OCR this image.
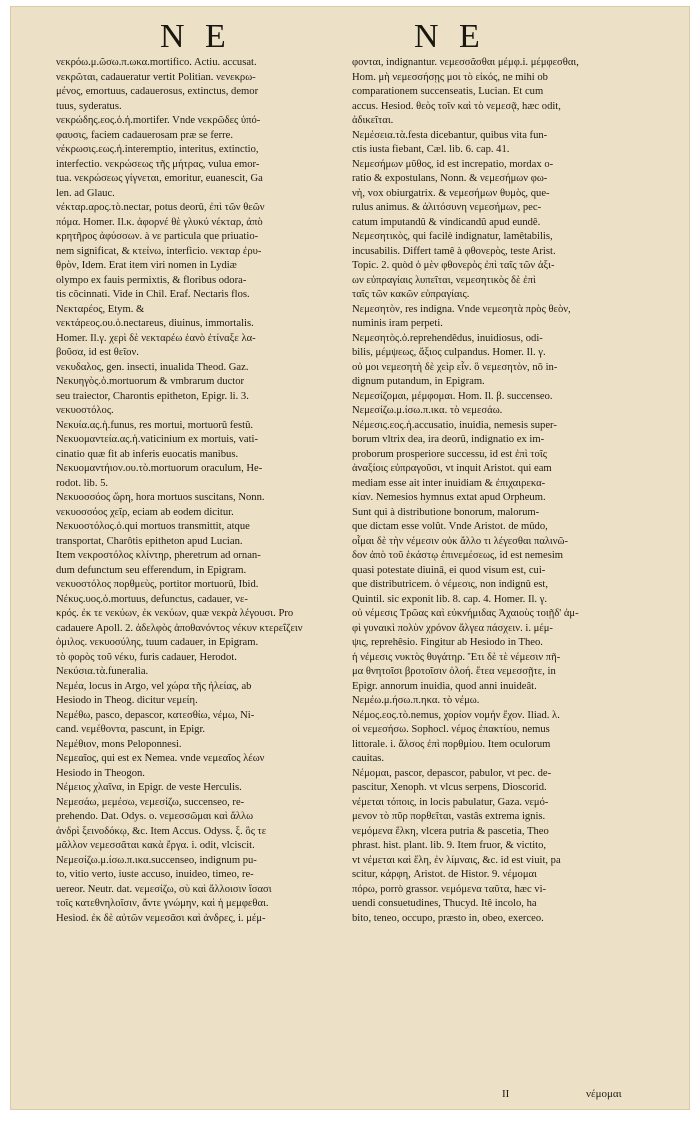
N E	N E

νεκρόω.μ.ῶσω.π.ωκα.mortifico. Actiu. accusat.

νεκρῶται, cadaueratur vertit Politian. νενεκρω-

μένος, emortuus, cadauerosus, extinctus, demor

tuus, syderatus.

νεκρώδης.εος.ὁ.ἡ.mortifer. Vnde νεκρῶδες ὑπό-

φαυσις, faciem cadauerosam præ se ferre.

νέκρωσις.εως.ἡ.interemptio, interitus, extinctio,

interfectio. νεκρώσεως τῆς μήτρας, vulua emor-

tua. νεκρώσεως γίγνεται, emoritur, euanescit, Ga

len. ad Glauc.

νέκταρ.αρος.τὸ.nectar, potus deorû, ἐπὶ τῶν θεῶν

πόμα. Homer. Il.κ. ἀφορνέ θὲ γλυκύ νέκταρ, ἀπὸ

κρητῆρος ἀφύσσων. à νε particula que priuatio-

nem significat, & κτείνω, interficio. νεκταρ ἐρυ-

θρὸν, Idem. Erat item viri nomen in Lydiæ

olympo ex fauis permixtis, & floribus odora-

tis cõcinnati. Vide in Chil. Eraf. Nectaris flos.

Νεκταρέος, Etym. &

νεκτάρεος.ου.ὁ.nectareus, diuinus, immortalis.

Homer. Il.γ. χερὶ δὲ νεκταρέω ἑανὸ ἐτίναξε λα-

βοῦσα, id est θεῖον.

νεκυδαλος, gen. insecti, inualida Theod. Gaz.

Νεκυηγὸς.ὁ.mortuorum & vmbrarum ductor

seu traiector, Charontis epitheton, Epigr. li. 3.

νεκυοστόλος.

Νεκυία.ας.ἡ.funus, res mortui, mortuorû festû.

Νεκυομαντεία.ας.ἡ.vaticinium ex mortuis, vati-

cinatio quæ fit ab inferis euocatis manibus.

Νεκυομαντήιον.ου.τὸ.mortuorum oraculum, He-

rodot. lib. 5.

Νεκυοσσόος ὥρη, hora mortuos suscitans, Nonn.

νεκυοσσόος χεῖρ, eciam ab eodem dicitur.

Νεκυοστόλος.ὁ.qui mortuos transmittit, atque

transportat, Charôtis epitheton apud Lucian.

Item νεκροστόλος κλίντηρ, pheretrum ad ornan-

dum defunctum seu efferendum, in Epigram.

νεκυοστόλος πορθμεὺς, portitor mortuorû, Ibid.

Νέκυς.υος.ὁ.mortuus, defunctus, cadauer, νε-

κρός. ἐκ τε νεκύων, ἐκ νεκύων, quæ νεκρὰ λέγουσι. Pro

cadauere Apoll. 2. ἀδελφὸς ἀποθανόντος νέκυν κτερεΐζειν

ὁμιλος. νεκυοσύλης, tuum cadauer, in Epigram.

τὸ φορὸς τοῦ νέκυ, furis cadauer, Herodot.

Νεκύσια.τὰ.funeralia.

Νεμέα, locus in Argo, vel χώρα τῆς ἠλείας, ab

Hesiodo in Theog. dicitur νεμείη.

Νεμέθω, pasco, depascor, κατεσθίω, νέμω, Ni-

cand. νεμέθοντα, pascunt, in Epigr.

Νεμέθιον, mons Peloponnesi.

Νεμεαῖος, qui est ex Nemea. vnde νεμεαῖος λέων

Hesiodo in Theogon.

Νέμειος χλαῖνα, in Epigr. de veste Herculis.

Νεμεσάω, μεμέσω, νεμεσίζω, succenseo, re-

prehendo. Dat. Odys. ο. νεμεσσῶμαι καὶ ἄλλω

ἀνδρὶ ξεινοδόκῳ, &c. Item Accus. Odyss. ξ. ὃς τε

μᾶλλον νεμεσσᾶται κακὰ ἔργα. i. odit, vlciscit.

Νεμεσίζω.μ.ίσω.π.ικα.succenseo, indignum pu-

to, vitio verto, iuste accuso, inuideo, timeo, re-

uereor. Neutr. dat. νεμεσίζω, σὺ καὶ ἄλλοισιν ἴσασι

τοῖς κατεθνηλοῖσιν, ἄντε γνώμην, καὶ ἡ μεμφεθαι.

Hesiod. ἐκ δὲ αὐτῶν νεμεσᾶσι καὶ ἀνδρες, i. μέμ-

φονται, indignantur. νεμεσσᾶσθαι μέμφ.i. μέμφεσθαι,

Hom. μὴ νεμεσσήσῃς μοι τὸ εἰκός, ne mihi ob

comparationem succenseatis, Lucian. Et cum

accus. Hesiod. θεὸς τοῖν καὶ τὸ νεμεσᾷ, hæc odit,

ἀδικεῖται.

Νεμέσεια.τὰ.festa dicebantur, quibus vita fun-

ctis iusta fiebant, Cæl. lib. 6. cap. 41.

Νεμεσήμων μῦθος, id est increpatio, mordax o-

ratio & expostulans, Nonn. & νεμεσήμων φω-

νὴ, vox obiurgatrix. & νεμεσήμων θυμὸς, que-

rulus animus. & ἀλιτόσυνη νεμεσήμων, pec-

catum imputandû & vindicandû apud eundê.

Νεμεσητικὸς, qui facilè indignatur, lamêtabilis,

incusabilis. Differt tamê à φθονερὸς, teste Arist.

Topic. 2. quòd ὁ μὲν φθονερὸς ἐπὶ ταῖς τῶν ἀξι-

ων εὐπραγίαις λυπεῖται, νεμεσητικὸς δὲ ἐπὶ

ταῖς τῶν κακῶν εὐπραγίαις.

Νεμεσητὸν, res indigna. Vnde νεμεσητὰ πρὸς θεὸν,

numinis iram perpeti.

Νεμεσητὸς.ὁ.reprehendêdus, inuidiosus, odi-

bilis, μέμψεως, ἄξιος culpandus. Homer. Il. γ.

οὐ μοι νεμεσητὴ δὲ χεὶρ εἶν. ὃ νεμεσητὸν, nõ in-

dignum putandum, in Epigram.

Νεμεσίζομαι, μέμφομαι. Hom. Il. β. succenseo.

Νεμεσίζω.μ.ίσω.π.ικα. τὸ νεμεσάω.

Νέμεσις.εος.ἡ.accusatio, inuidia, nemesis super-

borum vltrix dea, ira deorû, indignatio ex im-

proborum prosperiore successu, id est ἐπὶ τοῖς

ἀναξίοις εὐπραγοῦσι, vt inquit Aristot. qui eam

mediam esse ait inter inuidiam & ἐπιχαιρεκα-

κίαν. Nemesios hymnus extat apud Orpheum.

Sunt qui à distributione bonorum, malorum-

que dictam esse volût. Vnde Aristot. de mûdo,

οἶμαι δὲ τὴν νέμεσιν οὐκ ἄλλο τι λέγεσθαι παλινῶ-

δον ἀπὸ τοῦ ἑκάστῳ ἐπινεμέσεως, id est nemesim

quasi potestate diuinâ, ei quod visum est, cui-

que distributricem. ὁ νέμεσις, non indignû est,

Quintil. sic exponit lib. 8. cap. 4. Homer. Il. γ.

οὐ νέμεσις Τρῶας καὶ εὐκνήμιδας Ἀχαιοὺς τοιῇδ' ἀμ-

φὶ γυναικὶ πολὺν χρόνον ἄλγεα πάσχειν. i. μέμ-

ψις, reprehêsio. Fingitur ab Hesiodo in Theo.

ἡ νέμεσις νυκτὸς θυγάτηρ. Ἔτι δὲ τὲ νέμεσιν πῆ-

μα θνητοῖσι βροτοῖσιν ὀλοή. ἔτεα νεμεσσῇτε, in

Epigr. annorum inuidia, quod anni inuideât.

Νεμέω.μ.ήσω.π.ηκα. τὸ νέμω.

Νέμος.εος.τὸ.nemus, χορίον νομήν ἔχον. Iliad. λ.

οἱ νεμεσήσω. Sophocl. νέμος ἐπακτίου, nemus

littorale. i. ἄλσος ἐπὶ πορθμίου. Item oculorum

cauitas.

Νέμομαι, pascor, depascor, pabulor, vt pec. de-

pascitur, Xenoph. vt vlcus serpens, Dioscorid.

νέμεται τόποις, in locis pabulatur, Gaza. νεμό-

μενον τὸ πῦρ πορθεῖται, vastâs extrema ignis.

νεμόμενα ἕλκη, vlcera putria & pascetia, Theo

phrast. hist. plant. lib. 9. Item fruor, & victito,

vt νέμεται καὶ ἕλη, ἐν λίμναις, &c. id est viuit, pa

scitur, κάρφη, Aristot. de Histor. 9. νέμομαι

πόρω, porrò grassor. νεμόμενα ταῦτα, hæc vi-

uendi consuetudines, Thucyd. Itê incolo, ha

bito, teneo, occupo, præsto in, obeo, exerceo.

II	νέμομαι
